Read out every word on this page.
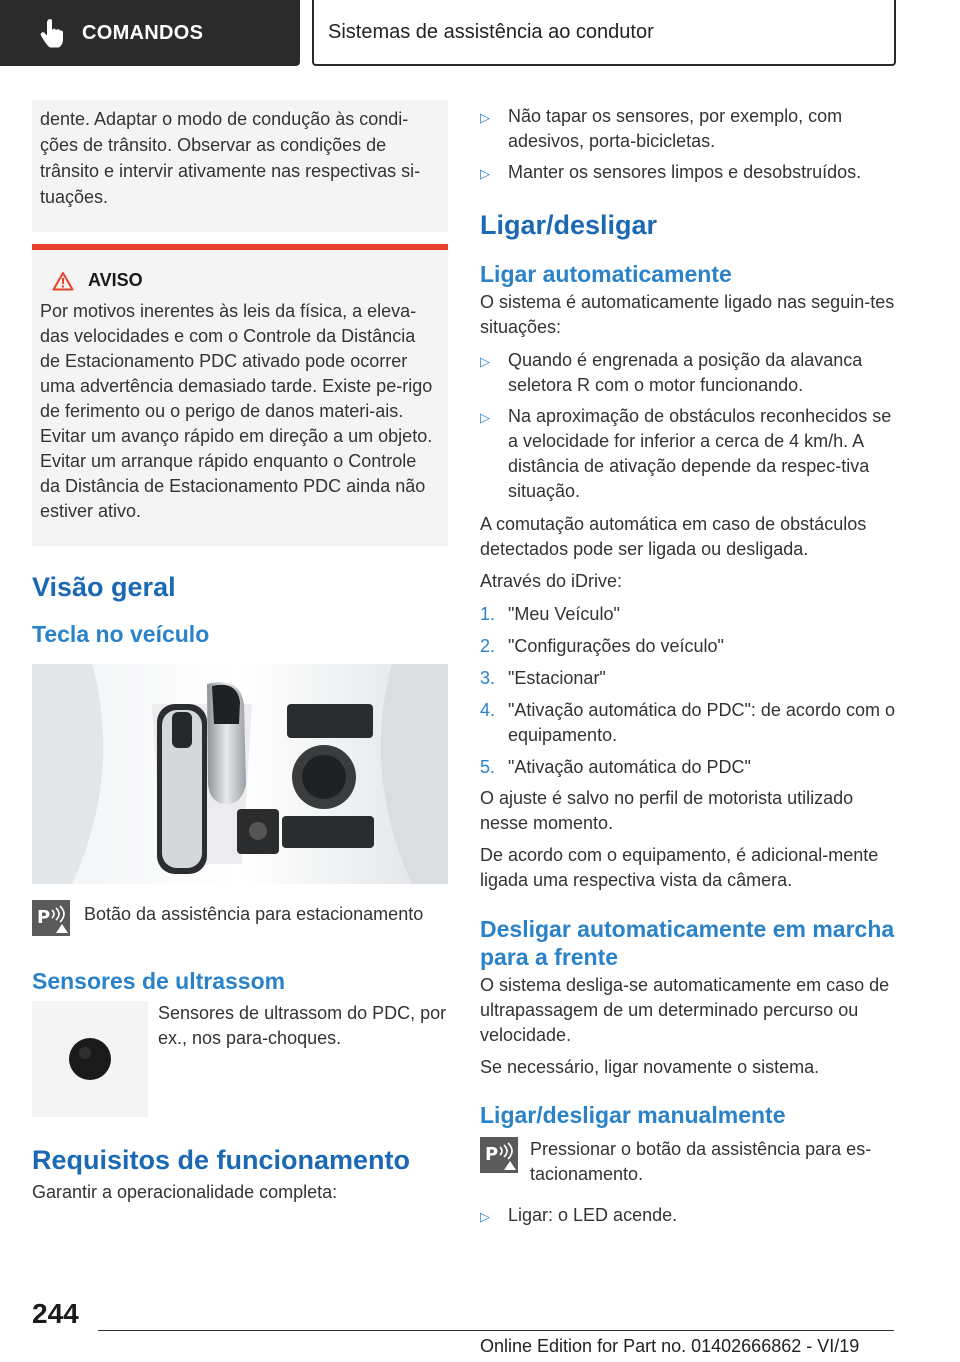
COMANDOS	Sistemas de assistência ao condutor
dente. Adaptar o modo de condução às condi-ções de trânsito. Observar as condições de trânsito e intervir ativamente nas respectivas si-tuações.
AVISO
Por motivos inerentes às leis da física, a eleva-das velocidades e com o Controle da Distância de Estacionamento PDC ativado pode ocorrer uma advertência demasiado tarde. Existe pe-rigo de ferimento ou o perigo de danos materi-ais. Evitar um avanço rápido em direção a um objeto. Evitar um arranque rápido enquanto o Controle da Distância de Estacionamento PDC ainda não estiver ativo.
Visão geral
Tecla no veículo
P Botão da assistência para estacionamento

Sensores de ultrassom

Sensores de ultrassom do PDC, por ex., nos para-choques.

Requisitos de funcionamento

Garantir a operacionalidade completa:

▷	Não tapar os sensores, por exemplo, com adesivos, porta-bicicletas.
▷	Manter os sensores limpos e desobstruídos.
Ligar/desligar
Ligar automaticamente

O sistema é automaticamente ligado nas seguin-tes situações:

▷	Quando é engrenada a posição da alavanca seletora R com o motor funcionando.
▷	Na aproximação de obstáculos reconhecidos se a velocidade for inferior a cerca de 4 km/h. A distância de ativação depende da respec-tiva situação.

A comutação automática em caso de obstáculos detectados pode ser ligada ou desligada.

Através do iDrive:

1. "Meu Veículo"
2. "Configurações do veículo"
3. "Estacionar"
4. "Ativação automática do PDC": de acordo com o equipamento.
5. "Ativação automática do PDC"

O ajuste é salvo no perfil de motorista utilizado nesse momento.

De acordo com o equipamento, é adicional-mente ligada uma respectiva vista da câmera.

Desligar automaticamente em marcha para a frente

O sistema desliga-se automaticamente em caso de ultrapassagem de um determinado percurso ou velocidade.

Se necessário, ligar novamente o sistema.

Ligar/desligar manualmente
P Pressionar o botão da assistência para es-tacionamento.

▷	Ligar: o LED acende.
244
Online Edition for Part no. 01402666862 - VI/19
